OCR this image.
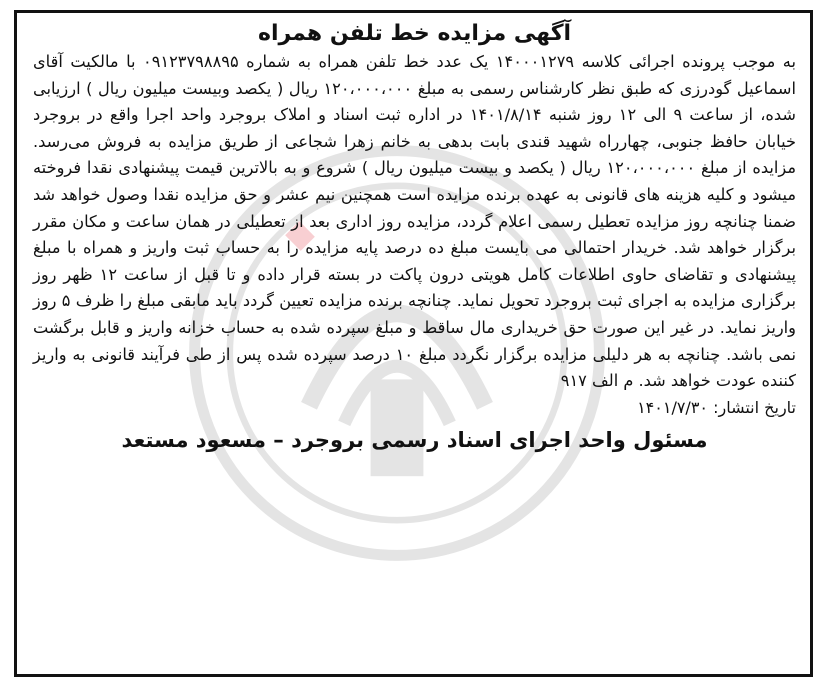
آگهی مزایده خط تلفن همراه

به موجب پرونده اجرائی کلاسه ۱۴۰۰۰۱۲۷۹ یک عدد خط تلفن همراه به شماره ۰۹۱۲۳۷۹۸۸۹۵ با مالکیت آقای اسماعیل گودرزی که طبق نظر کارشناس رسمی به مبلغ ۱۲۰،۰۰۰،۰۰۰ ریال ( یکصد وبیست میلیون ریال ) ارزیابی شده، از ساعت ۹ الی ۱۲ روز شنبه ۱۴۰۱/۸/۱۴ در اداره ثبت اسناد و املاک بروجرد واحد اجرا واقع در بروجرد خیابان حافظ جنوبی، چهارراه شهید قندی بابت بدهی به خانم زهرا شجاعی از طریق مزایده به فروش می‌رسد. مزایده از مبلغ ۱۲۰،۰۰۰،۰۰۰ ریال ( یکصد و بیست میلیون ریال ) شروع و به بالاترین قیمت پیشنهادی نقدا فروخته میشود و کلیه هزینه های قانونی به عهده برنده مزایده است همچنین نیم عشر و حق مزایده نقدا وصول خواهد شد ضمنا چنانچه روز مزایده تعطیل رسمی اعلام گردد، مزایده روز اداری بعد از تعطیلی در همان ساعت و مکان مقرر برگزار خواهد شد. خریدار احتمالی می بایست مبلغ ده درصد پایه مزایده را به حساب ثبت واریز و همراه با مبلغ پیشنهادی و تقاضای حاوی اطلاعات کامل هویتی درون پاکت در بسته قرار داده و تا قبل از ساعت ۱۲ ظهر روز برگزاری مزایده به اجرای ثبت بروجرد تحویل نماید. چنانچه برنده مزایده تعیین گردد باید مابقی مبلغ را ظرف ۵ روز واریز نماید. در غیر این صورت حق خریداری مال ساقط و مبلغ سپرده شده به حساب خزانه واریز و قابل برگشت نمی باشد. چنانچه به هر دلیلی مزایده برگزار نگردد مبلغ ۱۰ درصد سپرده شده پس از طی فرآیند قانونی به واریز کننده عودت خواهد شد. م الف ۹۱۷

تاریخ انتشار: ۱۴۰۱/۷/۳۰

مسئول واحد اجرای اسناد رسمی بروجرد – مسعود مستعد
